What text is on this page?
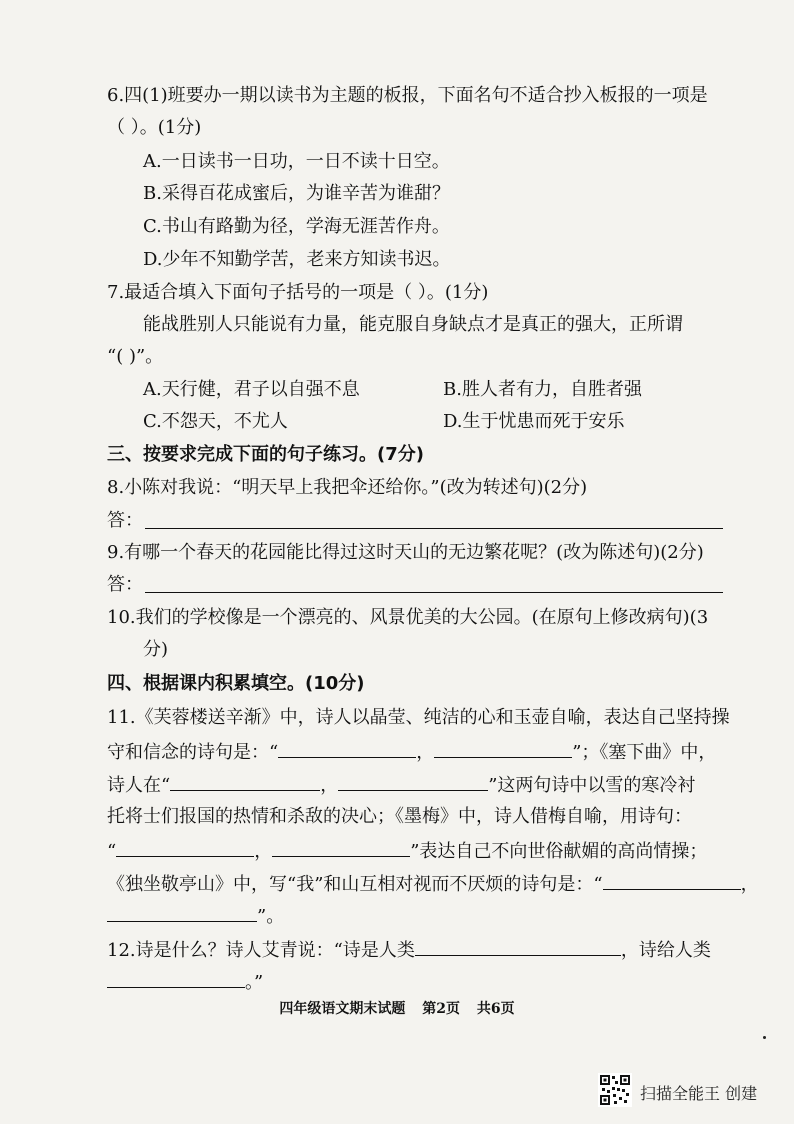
6.四(1)班要办一期以读书为主题的板报，下面名句不适合抄入板报的一项是
（ ）。(1分)
A.一日读书一日功，一日不读十日空。
B.采得百花成蜜后，为谁辛苦为谁甜？
C.书山有路勤为径，学海无涯苦作舟。
D.少年不知勤学苦，老来方知读书迟。
7.最适合填入下面句子括号的一项是（ ）。(1分)
能战胜别人只能说有力量，能克服自身缺点才是真正的强大，正所谓
“( )”。
A.天行健，君子以自强不息	B.胜人者有力，自胜者强
C.不怨天，不尤人	D.生于忧患而死于安乐
三、按要求完成下面的句子练习。(7分)
8.小陈对我说：“明天早上我把伞还给你。”(改为转述句)(2分)
答：
9.有哪一个春天的花园能比得过这时天山的无边繁花呢？(改为陈述句)(2分)
答：
10.我们的学校像是一个漂亮的、风景优美的大公园。(在原句上修改病句)(3
分)
四、根据课内积累填空。(10分)
11.《芙蓉楼送辛渐》中，诗人以晶莹、纯洁的心和玉壶自喻，表达自己坚持操
守和信念的诗句是：“	，	”；《塞下曲》中，
诗人在“	，	”这两句诗中以雪的寒冷衬
托将士们报国的热情和杀敌的决心；《墨梅》中，诗人借梅自喻，用诗句：
“	，	”表达自己不向世俗献媚的高尚情操；
《独坐敬亭山》中，写“我”和山互相对视而不厌烦的诗句是：“	，
”。
12.诗是什么？诗人艾青说：“诗是人类	，诗给人类
。”
四年级语文期末试题 第2页 共6页
扫描全能王 创建
